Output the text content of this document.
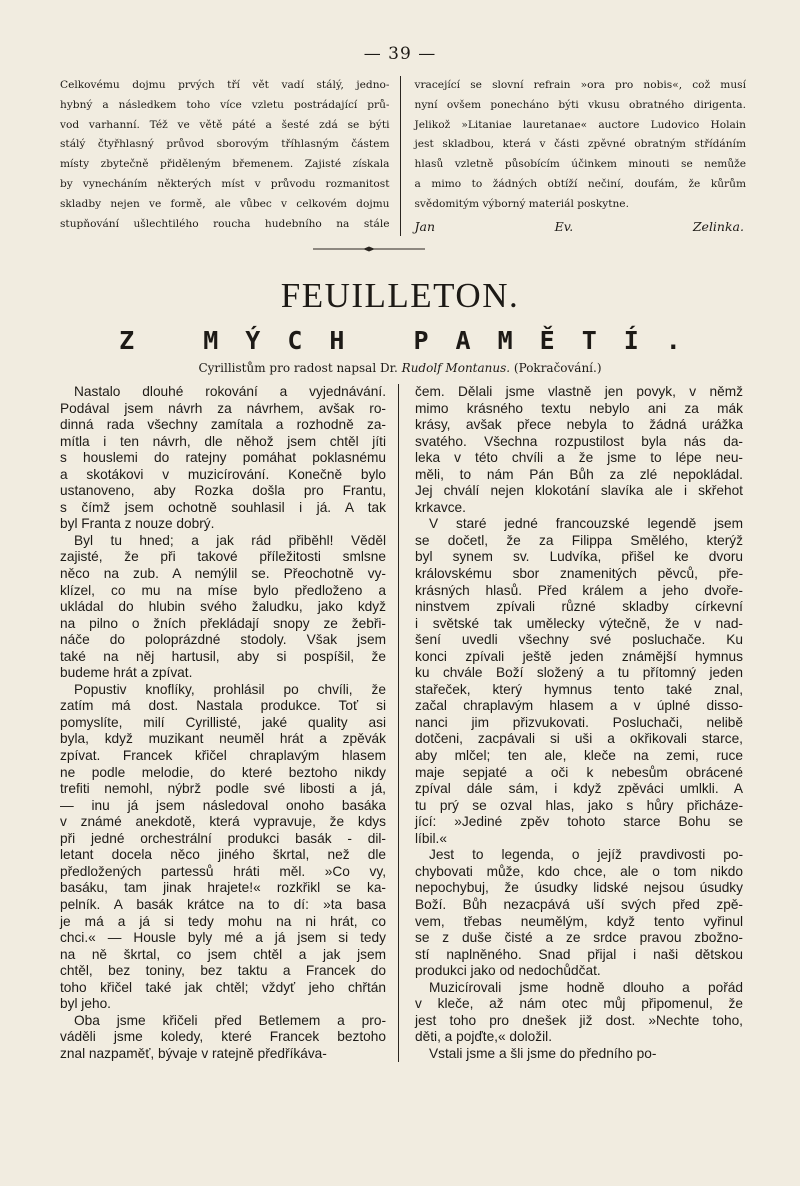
— 39 —
Celkovému dojmu prvých tří vět vadí stálý, jedno-
hybný a následkem toho více vzletu postrádající prů-
vod varhanní. Též ve větě páté a šesté zdá se býti
stálý čtyřhlasný průvod sborovým tříhlasným částem
místy zbytečně přiděleným břemenem. Zajisté získala
by vynecháním některých míst v průvodu rozmanitost
skladby nejen ve formě, ale vůbec v celkovém dojmu
stupňování ušlechtilého roucha hudebního na stále
vracející se slovní refrain »ora pro nobis«, což musí
nyní ovšem ponecháno býti vkusu obratného dirigenta.
Jelikož »Litaniae lauretanae« auctore Ludovico Holain
jest skladbou, která v části zpěvné obratným střídáním
hlasů vzletně působícím účinkem minouti se nemůže
a mimo to žádných obtíží nečiní, doufám, že kůrům
svědomitým výborný materiál poskytne.
Jan Ev. Zelinka.
FEUILLETON.
Z MÝCH PAMĚTÍ.
Cyrillistům pro radost napsal Dr. Rudolf Montanus. (Pokračování.)
Nastalo dlouhé rokování a vyjednávání.
Podával jsem návrh za návrhem, avšak ro-
dinná rada všechny zamítala a rozhodně za-
mítla i ten návrh, dle něhož jsem chtěl jíti
s houslemi do ratejny pomáhat poklasnému
a skotákovi v muzicírování. Konečně bylo
ustanoveno, aby Rozka došla pro Frantu,
s čímž jsem ochotně souhlasil i já. A tak
byl Franta z nouze dobrý.
Byl tu hned; a jak rád přiběhl! Věděl
zajisté, že při takové příležitosti smlsne
něco na zub. A nemýlil se. Přeochotně vy-
klízel, co mu na míse bylo předloženo a
ukládal do hlubin svého žaludku, jako když
na pilno o žních překládají snopy ze žebři-
náče do poloprázdné stodoly. Však jsem
také na něj hartusil, aby si pospíšil, že
budeme hrát a zpívat.
Popustiv knoflíky, prohlásil po chvíli, že
zatím má dost. Nastala produkce. Toť si
pomyslíte, milí Cyrillisté, jaké quality asi
byla, když muzikant neuměl hrát a zpěvák
zpívat. Francek křičel chraplavým hlasem
ne podle melodie, do které beztoho nikdy
trefiti nemohl, nýbrž podle své libosti a já,
— inu já jsem následoval onoho basáka
v známé anekdotě, která vypravuje, že kdys
při jedné orchestrální produkci basák - dil-
letant docela něco jiného škrtal, než dle
předložených partessů hráti měl. »Co vy,
basáku, tam jinak hrajete!« rozkřikl se ka-
pelník. A basák krátce na to dí: »ta basa
je má a já si tedy mohu na ni hrát, co
chci.« — Housle byly mé a já jsem si tedy
na ně škrtal, co jsem chtěl a jak jsem
chtěl, bez toniny, bez taktu a Francek do
toho křičel také jak chtěl; vždyť jeho chřtán
byl jeho.
Oba jsme křičeli před Betlemem a pro-
váděli jsme koledy, které Francek beztoho
znal nazpaměť, bývaje v ratejně předříkáva-
čem. Dělali jsme vlastně jen povyk, v němž
mimo krásného textu nebylo ani za mák
krásy, avšak přece nebyla to žádná urážka
svatého. Všechna rozpustilost byla nás da-
leka v této chvíli a že jsme to lépe neu-
měli, to nám Pán Bůh za zlé nepokládal.
Jej chválí nejen klokotání slavíka ale i skřehot
krkavce.
V staré jedné francouzské legendě jsem
se dočetl, že za Filippa Smělého, kterýž
byl synem sv. Ludvíka, přišel ke dvoru
královskému sbor znamenitých pěvců, pře-
krásných hlasů. Před králem a jeho dvoře-
ninstvem zpívali různé skladby církevní
i světské tak umělecky výtečně, že v nad-
šení uvedli všechny své posluchače. Ku
konci zpívali ještě jeden známější hymnus
ku chvále Boží složený a tu přítomný jeden
stařeček, který hymnus tento také znal,
začal chraplavým hlasem a v úplné disso-
nanci jim přizvukovati. Posluchači, nelibě
dotčeni, zacpávali si uši a okřikovali starce,
aby mlčel; ten ale, kleče na zemi, ruce
maje sepjaté a oči k nebesům obrácené
zpíval dále sám, i když zpěváci umlkli. A
tu prý se ozval hlas, jako s hůry přicháze-
jící: »Jediné zpěv tohoto starce Bohu se
líbil.«
Jest to legenda, o jejíž pravdivosti po-
chybovati může, kdo chce, ale o tom nikdo
nepochybuj, že úsudky lidské nejsou úsudky
Boží. Bůh nezacpává uší svých před zpě-
vem, třebas neumělým, když tento vyřinul
se z duše čisté a ze srdce pravou zbožno-
stí naplněného. Snad přijal i naši dětskou
produkci jako od nedochůdčat.
Muzicírovali jsme hodně dlouho a pořád
v kleče, až nám otec můj připomenul, že
jest toho pro dnešek již dost. »Nechte toho,
děti, a pojďte,« doložil.
Vstali jsme a šli jsme do předního po-
